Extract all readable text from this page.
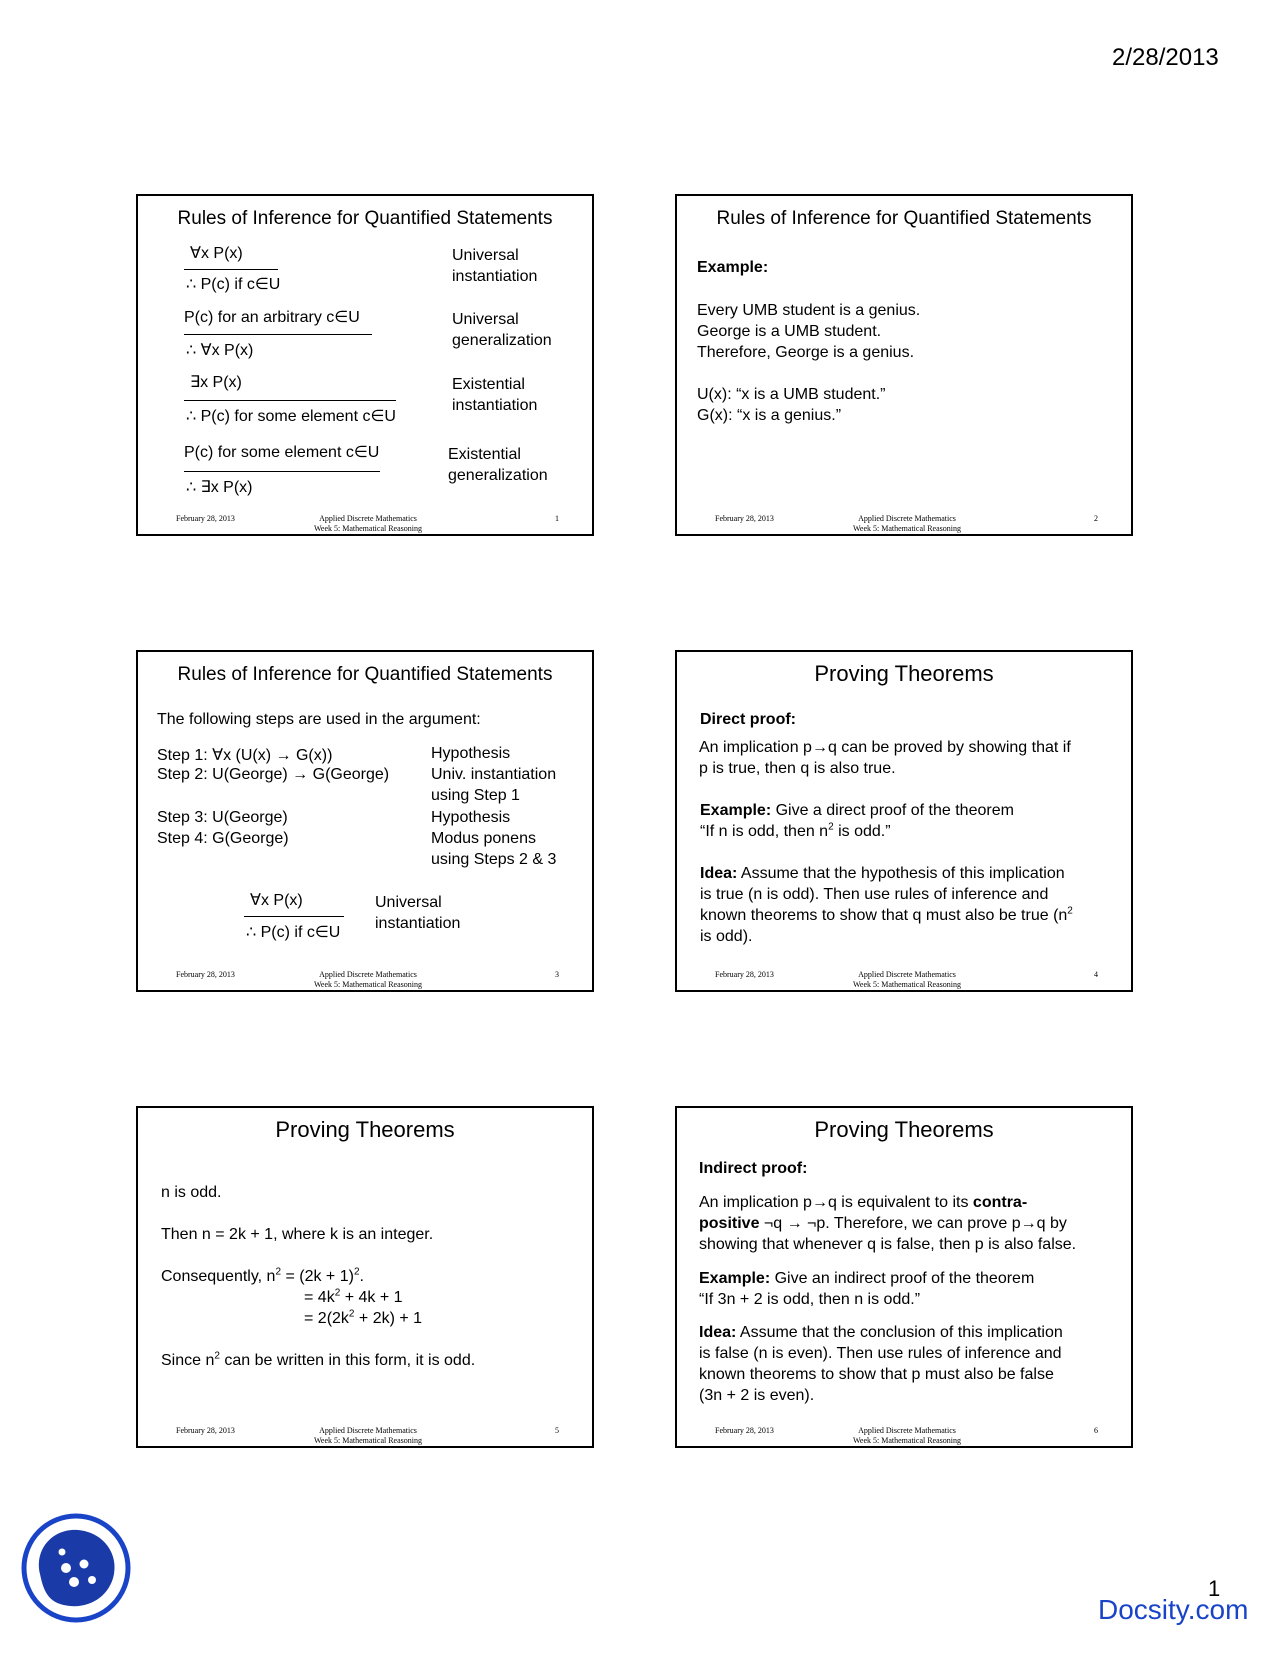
2/28/2013
Rules of Inference for Quantified Statements
∀x P(x)
∴ P(c) if c∈U
Universal
instantiation
P(c) for an arbitrary c∈U
∴ ∀x P(x)
Universal
generalization
∃x P(x)
∴ P(c) for some element c∈U
Existential
instantiation
P(c) for some element c∈U
∴ ∃x P(x)
Existential
generalization
February 28, 2013	Applied Discrete Mathematics
Week 5: Mathematical Reasoning
1
Rules of Inference for Quantified Statements
Example:
Every UMB student is a genius.
George is a UMB student.
Therefore, George is a genius.
U(x): “x is a UMB student.”
G(x): “x is a genius.”
February 28, 2013	Applied Discrete Mathematics
Week 5: Mathematical Reasoning
2
Rules of Inference for Quantified Statements
The following steps are used in the argument:
Step 1: ∀x (U(x) → G(x))	Hypothesis
Step 2: U(George) → G(George)	Univ. instantiation
using Step 1
Step 3: U(George)	Hypothesis
Step 4: G(George)	Modus ponens
using Steps 2 & 3
∀x P(x)
∴ P(c) if c∈U
Universal
instantiation
February 28, 2013	Applied Discrete Mathematics
Week 5: Mathematical Reasoning
3
Proving Theorems
Direct proof:
An implication p→q can be proved by showing that if
p is true, then q is also true.
Example: Give a direct proof of the theorem
“If n is odd, then $n^2$ is odd.”
Idea: Assume that the hypothesis of this implication
is true (n is odd). Then use rules of inference and
known theorems to show that q must also be true ($n^2$
is odd).
February 28, 2013	Applied Discrete Mathematics
Week 5: Mathematical Reasoning
4
Proving Theorems
n is odd.
Then n = 2k + 1, where k is an integer.
Consequently, $n^2 = (2k + 1)^2$.
= $4k^2 + 4k + 1$
= $2(2k^2 + 2k) + 1$
Since $n^2$ can be written in this form, it is odd.
February 28, 2013	Applied Discrete Mathematics
Week 5: Mathematical Reasoning
5
Proving Theorems
Indirect proof:
An implication p→q is equivalent to its contra-
positive ¬q → ¬p. Therefore, we can prove p→q by
showing that whenever q is false, then p is also false.
Example: Give an indirect proof of the theorem
“If 3n + 2 is odd, then n is odd.”
Idea: Assume that the conclusion of this implication
is false (n is even). Then use rules of inference and
known theorems to show that p must also be false
(3n + 2 is even).
February 28, 2013	Applied Discrete Mathematics
Week 5: Mathematical Reasoning
6
1
Docsity.com
